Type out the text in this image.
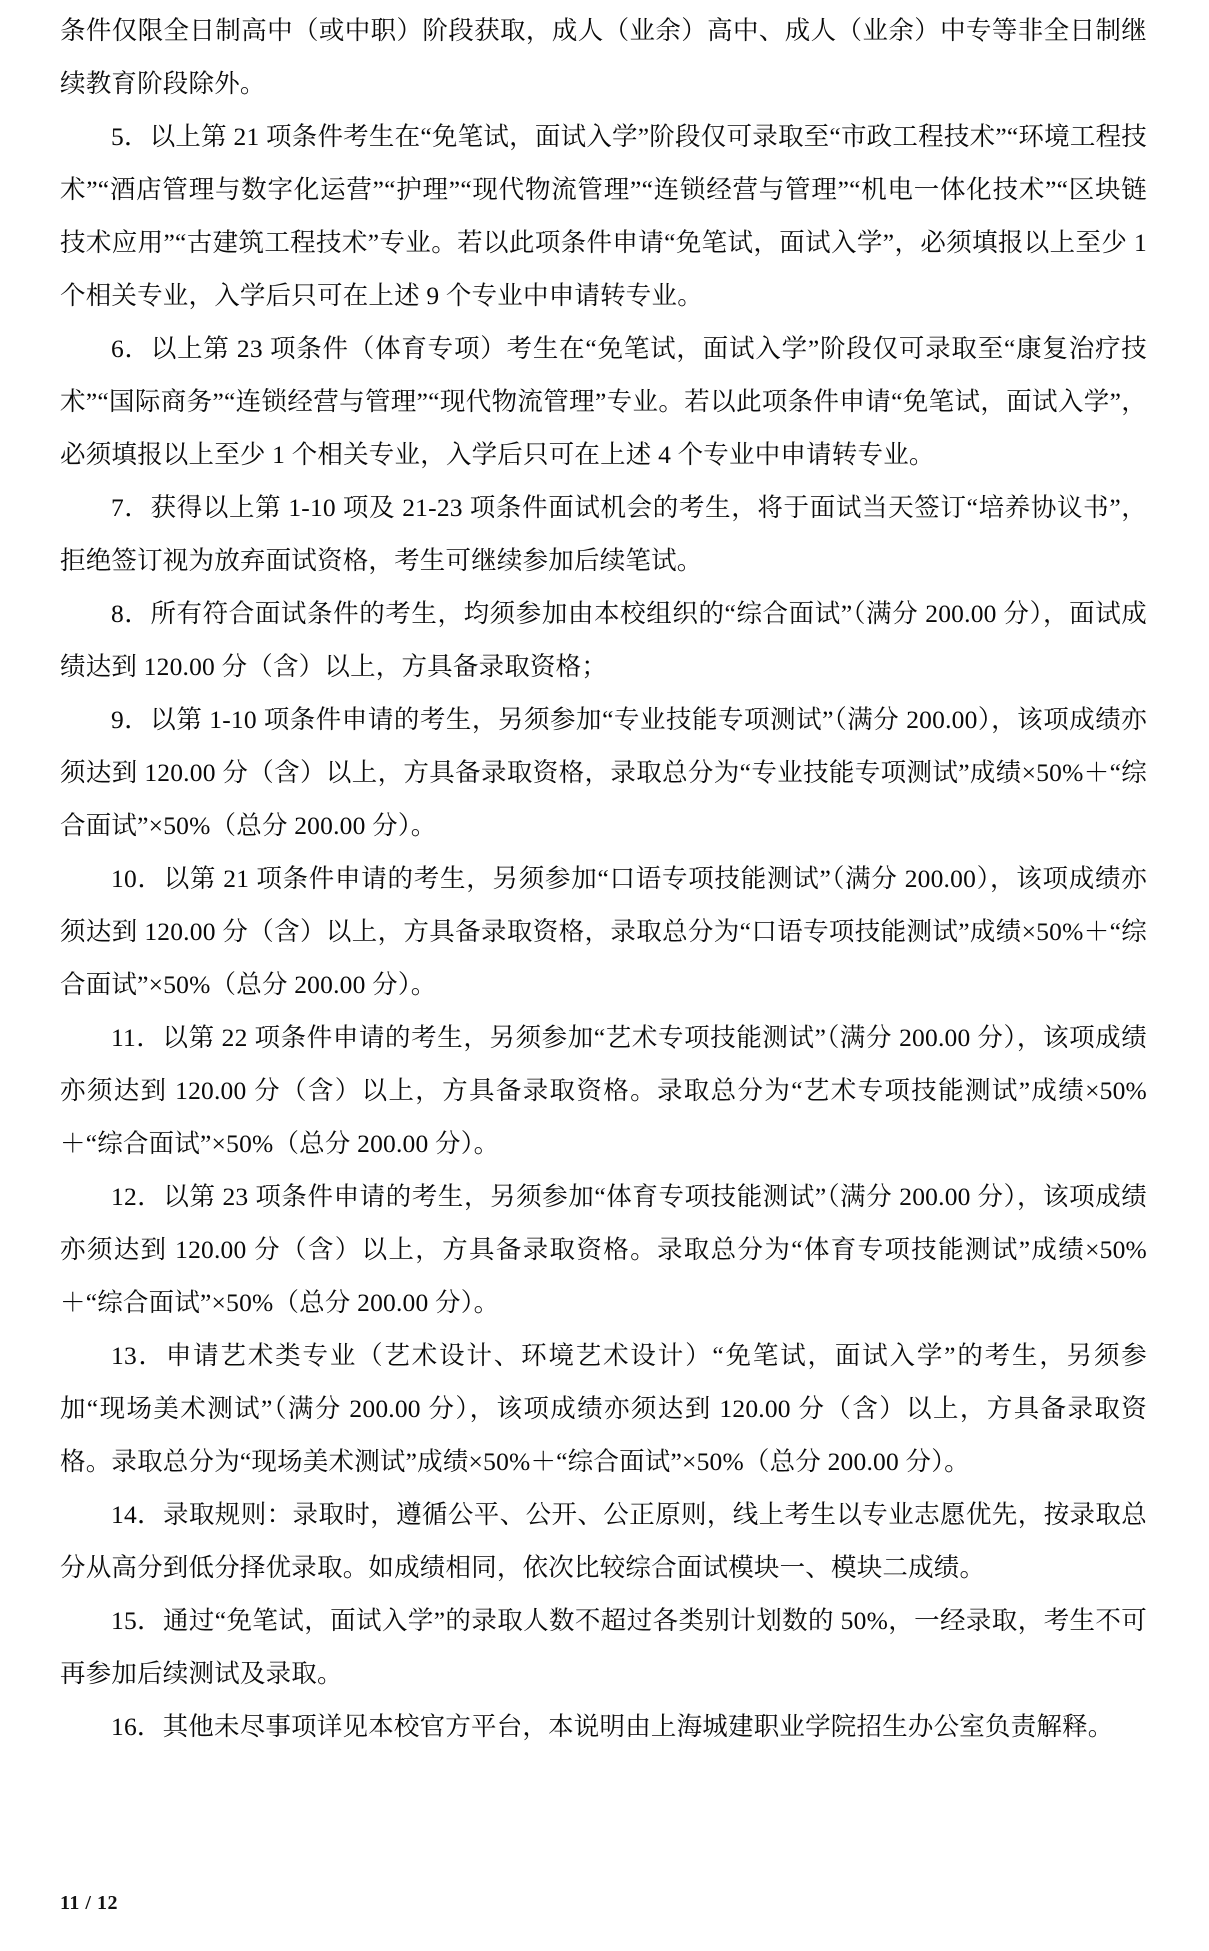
条件仅限全日制高中（或中职）阶段获取，成人（业余）高中、成人（业余）中专等非全日制继续教育阶段除外。

5．以上第 21 项条件考生在“免笔试，面试入学”阶段仅可录取至“市政工程技术”“环境工程技术”“酒店管理与数字化运营”“护理”“现代物流管理”“连锁经营与管理”“机电一体化技术”“区块链技术应用”“古建筑工程技术”专业。若以此项条件申请“免笔试，面试入学”，必须填报以上至少 1 个相关专业，入学后只可在上述 9 个专业中申请转专业。

6．以上第 23 项条件（体育专项）考生在“免笔试，面试入学”阶段仅可录取至“康复治疗技术”“国际商务”“连锁经营与管理”“现代物流管理”专业。若以此项条件申请“免笔试，面试入学”，必须填报以上至少 1 个相关专业，入学后只可在上述 4 个专业中申请转专业。

7．获得以上第 1-10 项及 21-23 项条件面试机会的考生，将于面试当天签订“培养协议书”，拒绝签订视为放弃面试资格，考生可继续参加后续笔试。

8．所有符合面试条件的考生，均须参加由本校组织的“综合面试”（满分 200.00 分），面试成绩达到 120.00 分（含）以上，方具备录取资格；

9．以第 1-10 项条件申请的考生，另须参加“专业技能专项测试”（满分 200.00），该项成绩亦须达到 120.00 分（含）以上，方具备录取资格，录取总分为“专业技能专项测试”成绩×50%＋“综合面试”×50%（总分 200.00 分）。

10．以第 21 项条件申请的考生，另须参加“口语专项技能测试”（满分 200.00），该项成绩亦须达到 120.00 分（含）以上，方具备录取资格，录取总分为“口语专项技能测试”成绩×50%＋“综合面试”×50%（总分 200.00 分）。

11．以第 22 项条件申请的考生，另须参加“艺术专项技能测试”（满分 200.00 分），该项成绩亦须达到 120.00 分（含）以上，方具备录取资格。录取总分为“艺术专项技能测试”成绩×50%＋“综合面试”×50%（总分 200.00 分）。

12．以第 23 项条件申请的考生，另须参加“体育专项技能测试”（满分 200.00 分），该项成绩亦须达到 120.00 分（含）以上，方具备录取资格。录取总分为“体育专项技能测试”成绩×50%＋“综合面试”×50%（总分 200.00 分）。

13．申请艺术类专业（艺术设计、环境艺术设计）“免笔试，面试入学”的考生，另须参加“现场美术测试”（满分 200.00 分），该项成绩亦须达到 120.00 分（含）以上，方具备录取资格。录取总分为“现场美术测试”成绩×50%＋“综合面试”×50%（总分 200.00 分）。

14．录取规则：录取时，遵循公平、公开、公正原则，线上考生以专业志愿优先，按录取总分从高分到低分择优录取。如成绩相同，依次比较综合面试模块一、模块二成绩。

15．通过“免笔试，面试入学”的录取人数不超过各类别计划数的 50%，一经录取，考生不可再参加后续测试及录取。

16．其他未尽事项详见本校官方平台，本说明由上海城建职业学院招生办公室负责解释。

11 / 12
